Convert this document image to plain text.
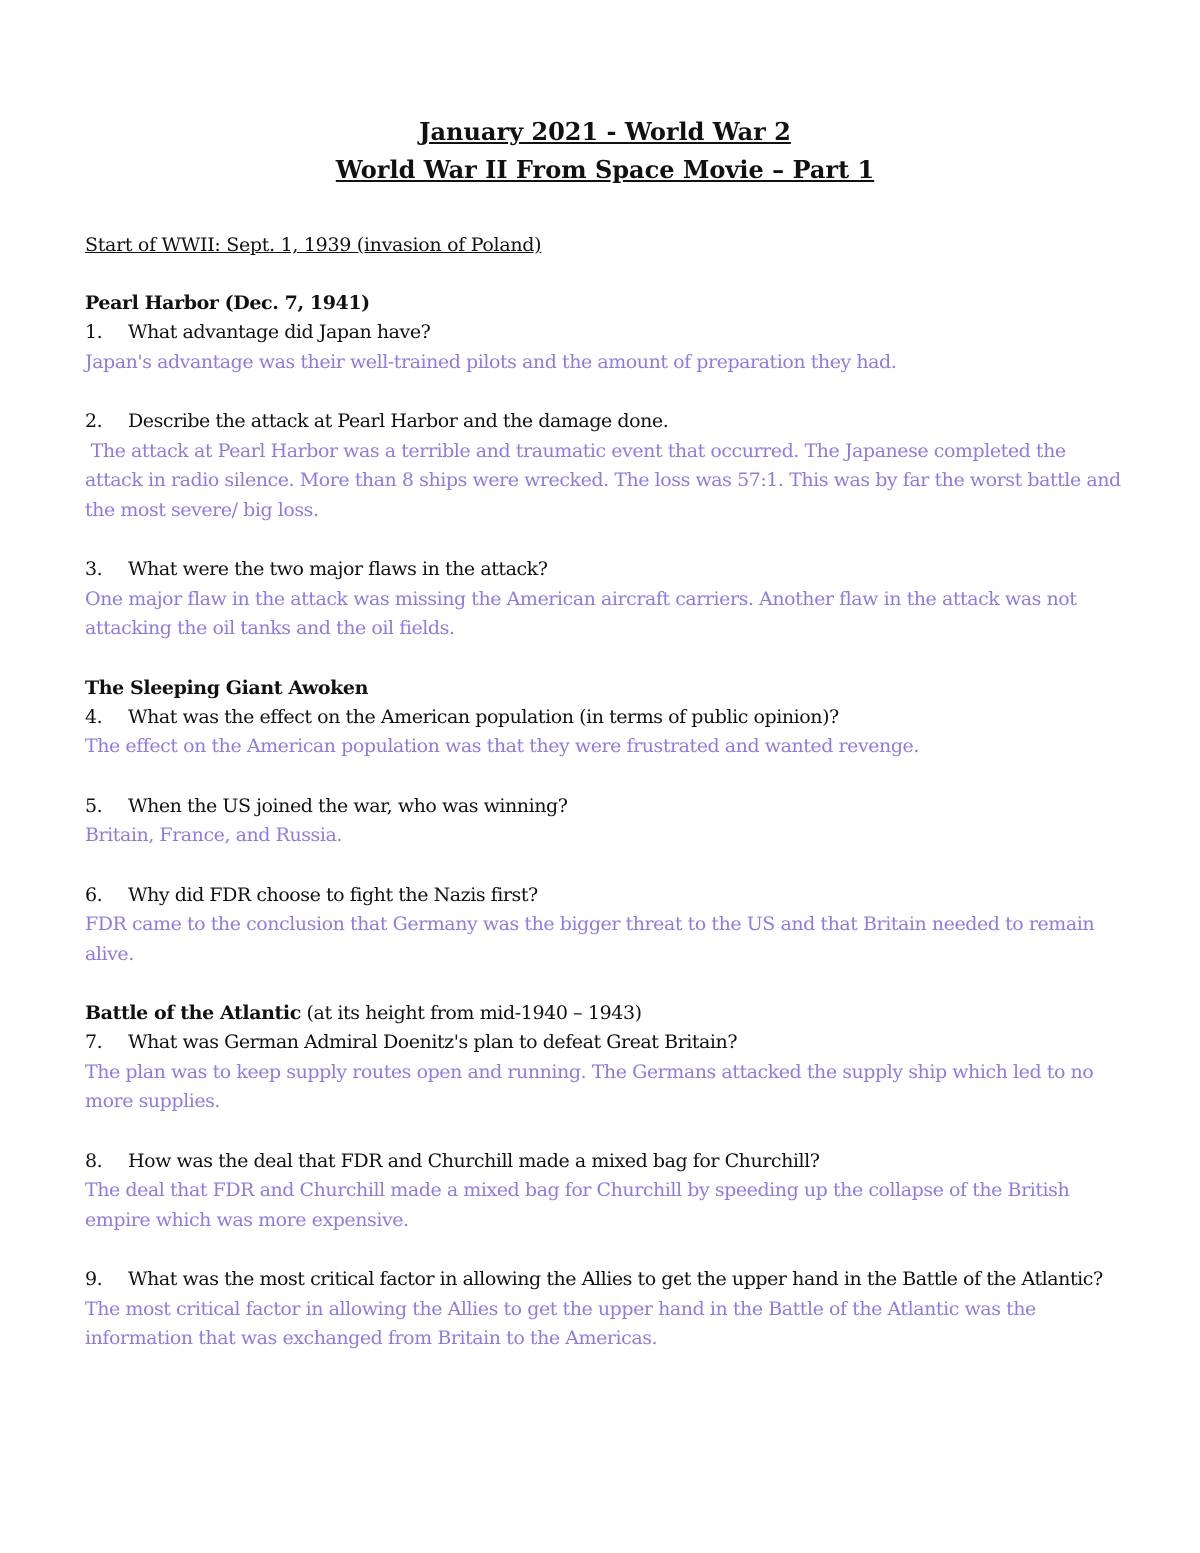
January 2021 - World War 2
World War II From Space Movie – Part 1
Start of WWII: Sept. 1, 1939 (invasion of Poland)
Pearl Harbor (Dec. 7, 1941)
1.	What advantage did Japan have?
Japan's advantage was their well-trained pilots and the amount of preparation they had.
2.	Describe the attack at Pearl Harbor and the damage done.
The attack at Pearl Harbor was a terrible and traumatic event that occurred. The Japanese completed the attack in radio silence. More than 8 ships were wrecked. The loss was 57:1. This was by far the worst battle and the most severe/ big loss.
3.	What were the two major flaws in the attack?
One major flaw in the attack was missing the American aircraft carriers. Another flaw in the attack was not attacking the oil tanks and the oil fields.
The Sleeping Giant Awoken
4.	What was the effect on the American population (in terms of public opinion)?
The effect on the American population was that they were frustrated and wanted revenge.
5.	When the US joined the war, who was winning?
Britain, France, and Russia.
6.	Why did FDR choose to fight the Nazis first?
FDR came to the conclusion that Germany was the bigger threat to the US and that Britain needed to remain alive.
Battle of the Atlantic (at its height from mid-1940 – 1943)
7.	What was German Admiral Doenitz's plan to defeat Great Britain?
The plan was to keep supply routes open and running. The Germans attacked the supply ship which led to no more supplies.
8.	How was the deal that FDR and Churchill made a mixed bag for Churchill?
The deal that FDR and Churchill made a mixed bag for Churchill by speeding up the collapse of the British empire which was more expensive.
9. What was the most critical factor in allowing the Allies to get the upper hand in the Battle of the Atlantic?
The most critical factor in allowing the Allies to get the upper hand in the Battle of the Atlantic was the information that was exchanged from Britain to the Americas.
